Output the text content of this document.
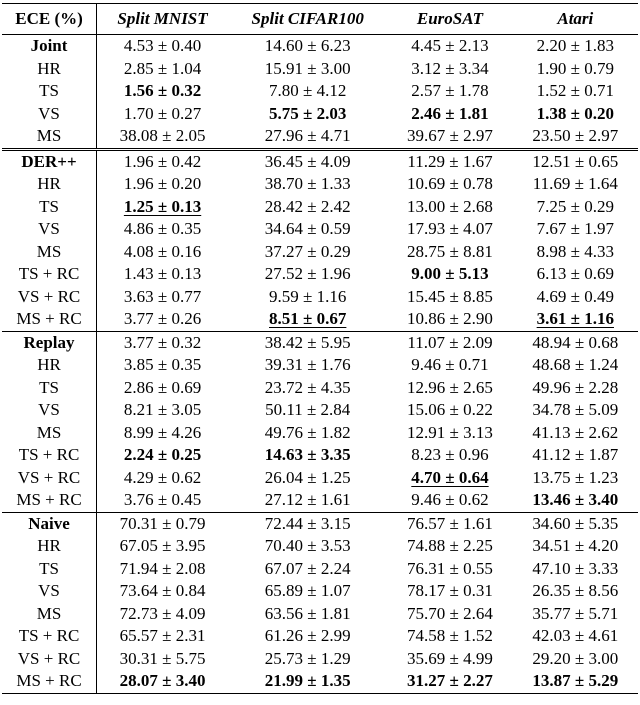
ECE (%)	Split MNIST	Split CIFAR100	EuroSAT	Atari
Joint	4.53 ± 0.40	14.60 ± 6.23	4.45 ± 2.13	2.20 ± 1.83
HR	2.85 ± 1.04	15.91 ± 3.00	3.12 ± 3.34	1.90 ± 0.79
TS	1.56 ± 0.32	7.80 ± 4.12	2.57 ± 1.78	1.52 ± 0.71
VS	1.70 ± 0.27	5.75 ± 2.03	2.46 ± 1.81	1.38 ± 0.20
MS	38.08 ± 2.05	27.96 ± 4.71	39.67 ± 2.97	23.50 ± 2.97
DER++	1.96 ± 0.42	36.45 ± 4.09	11.29 ± 1.67	12.51 ± 0.65
HR	1.96 ± 0.20	38.70 ± 1.33	10.69 ± 0.78	11.69 ± 1.64
TS	1.25 ± 0.13	28.42 ± 2.42	13.00 ± 2.68	7.25 ± 0.29
VS	4.86 ± 0.35	34.64 ± 0.59	17.93 ± 4.07	7.67 ± 1.97
MS	4.08 ± 0.16	37.27 ± 0.29	28.75 ± 8.81	8.98 ± 4.33
TS + RC	1.43 ± 0.13	27.52 ± 1.96	9.00 ± 5.13	6.13 ± 0.69
VS + RC	3.63 ± 0.77	9.59 ± 1.16	15.45 ± 8.85	4.69 ± 0.49
MS + RC	3.77 ± 0.26	8.51 ± 0.67	10.86 ± 2.90	3.61 ± 1.16
Replay	3.77 ± 0.32	38.42 ± 5.95	11.07 ± 2.09	48.94 ± 0.68
HR	3.85 ± 0.35	39.31 ± 1.76	9.46 ± 0.71	48.68 ± 1.24
TS	2.86 ± 0.69	23.72 ± 4.35	12.96 ± 2.65	49.96 ± 2.28
VS	8.21 ± 3.05	50.11 ± 2.84	15.06 ± 0.22	34.78 ± 5.09
MS	8.99 ± 4.26	49.76 ± 1.82	12.91 ± 3.13	41.13 ± 2.62
TS + RC	2.24 ± 0.25	14.63 ± 3.35	8.23 ± 0.96	41.12 ± 1.87
VS + RC	4.29 ± 0.62	26.04 ± 1.25	4.70 ± 0.64	13.75 ± 1.23
MS + RC	3.76 ± 0.45	27.12 ± 1.61	9.46 ± 0.62	13.46 ± 3.40
Naive	70.31 ± 0.79	72.44 ± 3.15	76.57 ± 1.61	34.60 ± 5.35
HR	67.05 ± 3.95	70.40 ± 3.53	74.88 ± 2.25	34.51 ± 4.20
TS	71.94 ± 2.08	67.07 ± 2.24	76.31 ± 0.55	47.10 ± 3.33
VS	73.64 ± 0.84	65.89 ± 1.07	78.17 ± 0.31	26.35 ± 8.56
MS	72.73 ± 4.09	63.56 ± 1.81	75.70 ± 2.64	35.77 ± 5.71
TS + RC	65.57 ± 2.31	61.26 ± 2.99	74.58 ± 1.52	42.03 ± 4.61
VS + RC	30.31 ± 5.75	25.73 ± 1.29	35.69 ± 4.99	29.20 ± 3.00
MS + RC	28.07 ± 3.40	21.99 ± 1.35	31.27 ± 2.27	13.87 ± 5.29
